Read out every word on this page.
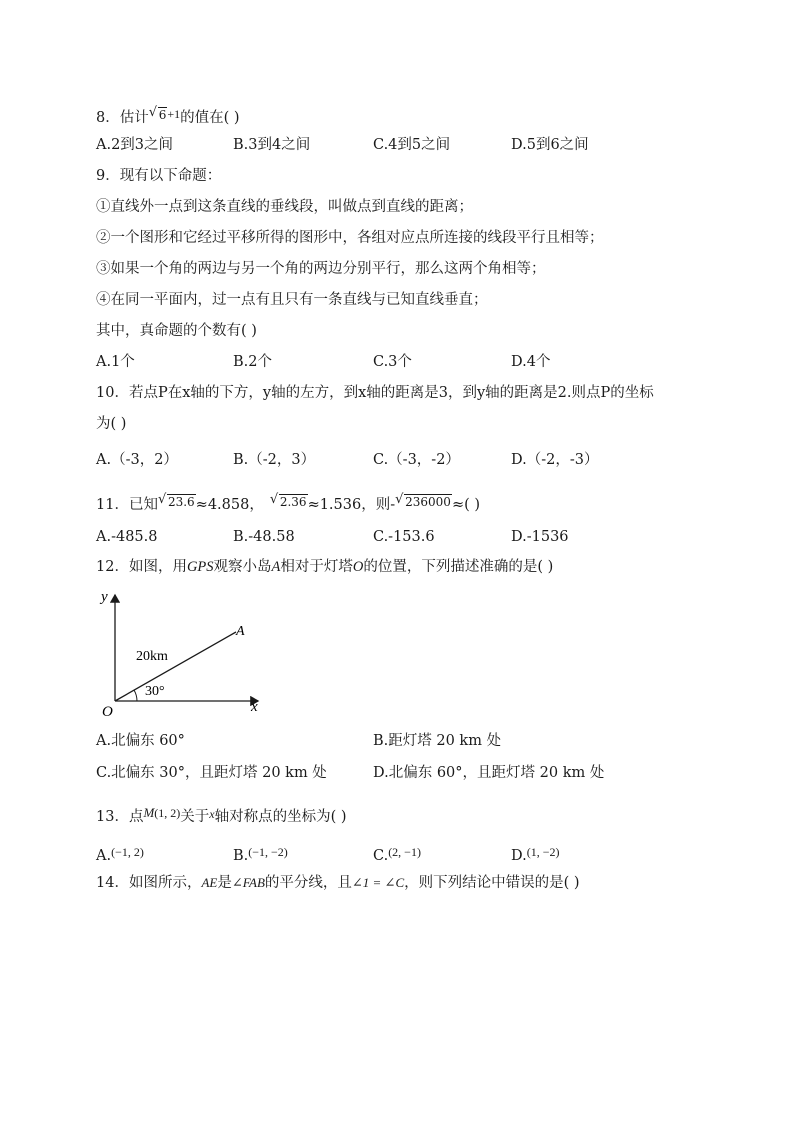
8．估计 √ $6^{+1}$的值在( )
A.2到3之间	B.3到4之间	C.4到5之间	D.5到6之间
9．现有以下命题：
①直线外一点到这条直线的垂线段，叫做点到直线的距离；
②一个图形和它经过平移所得的图形中，各组对应点所连接的线段平行且相等；
③如果一个角的两边与另一个角的两边分别平行，那么这两个角相等；
④在同一平面内，过一点有且只有一条直线与已知直线垂直；
其中，真命题的个数有( )
A.1个	B.2个	C.3个	D.4个
10．若点P在x轴的下方，y轴的左方，到x轴的距离是3，到y轴的距离是2.则点P的坐标
为( )
A.（-3，2）	B.（-2，3）	C.（-3，-2）	D.（-2，-3）
11．已知 √ 23.6≈4.858， √ 2.36≈1.536，则- √ 236000≈( )
A.-485.8	B.-48.58	C.-153.6	D.-1536
12．如图，用GPS观察小岛A相对于灯塔O的位置，下列描述准确的是( )
y
x
O
A
20km
30°
A.北偏东 60°	B.距灯塔 20 km 处
C.北偏东 30°，且距灯塔 20 km 处	D.北偏东 60°，且距灯塔 20 km 处
13．点M$^{(1, 2)}$关于$^x$轴对称点的坐标为( )
A.$^{(-1, 2)}$	B.$^{(-1, -2)}$	C.$^{(2, -1)}$	D.$^{(1, -2)}$
14．如图所示，AE是∠FAB的平分线，且∠1 = ∠C，则下列结论中错误的是( )
